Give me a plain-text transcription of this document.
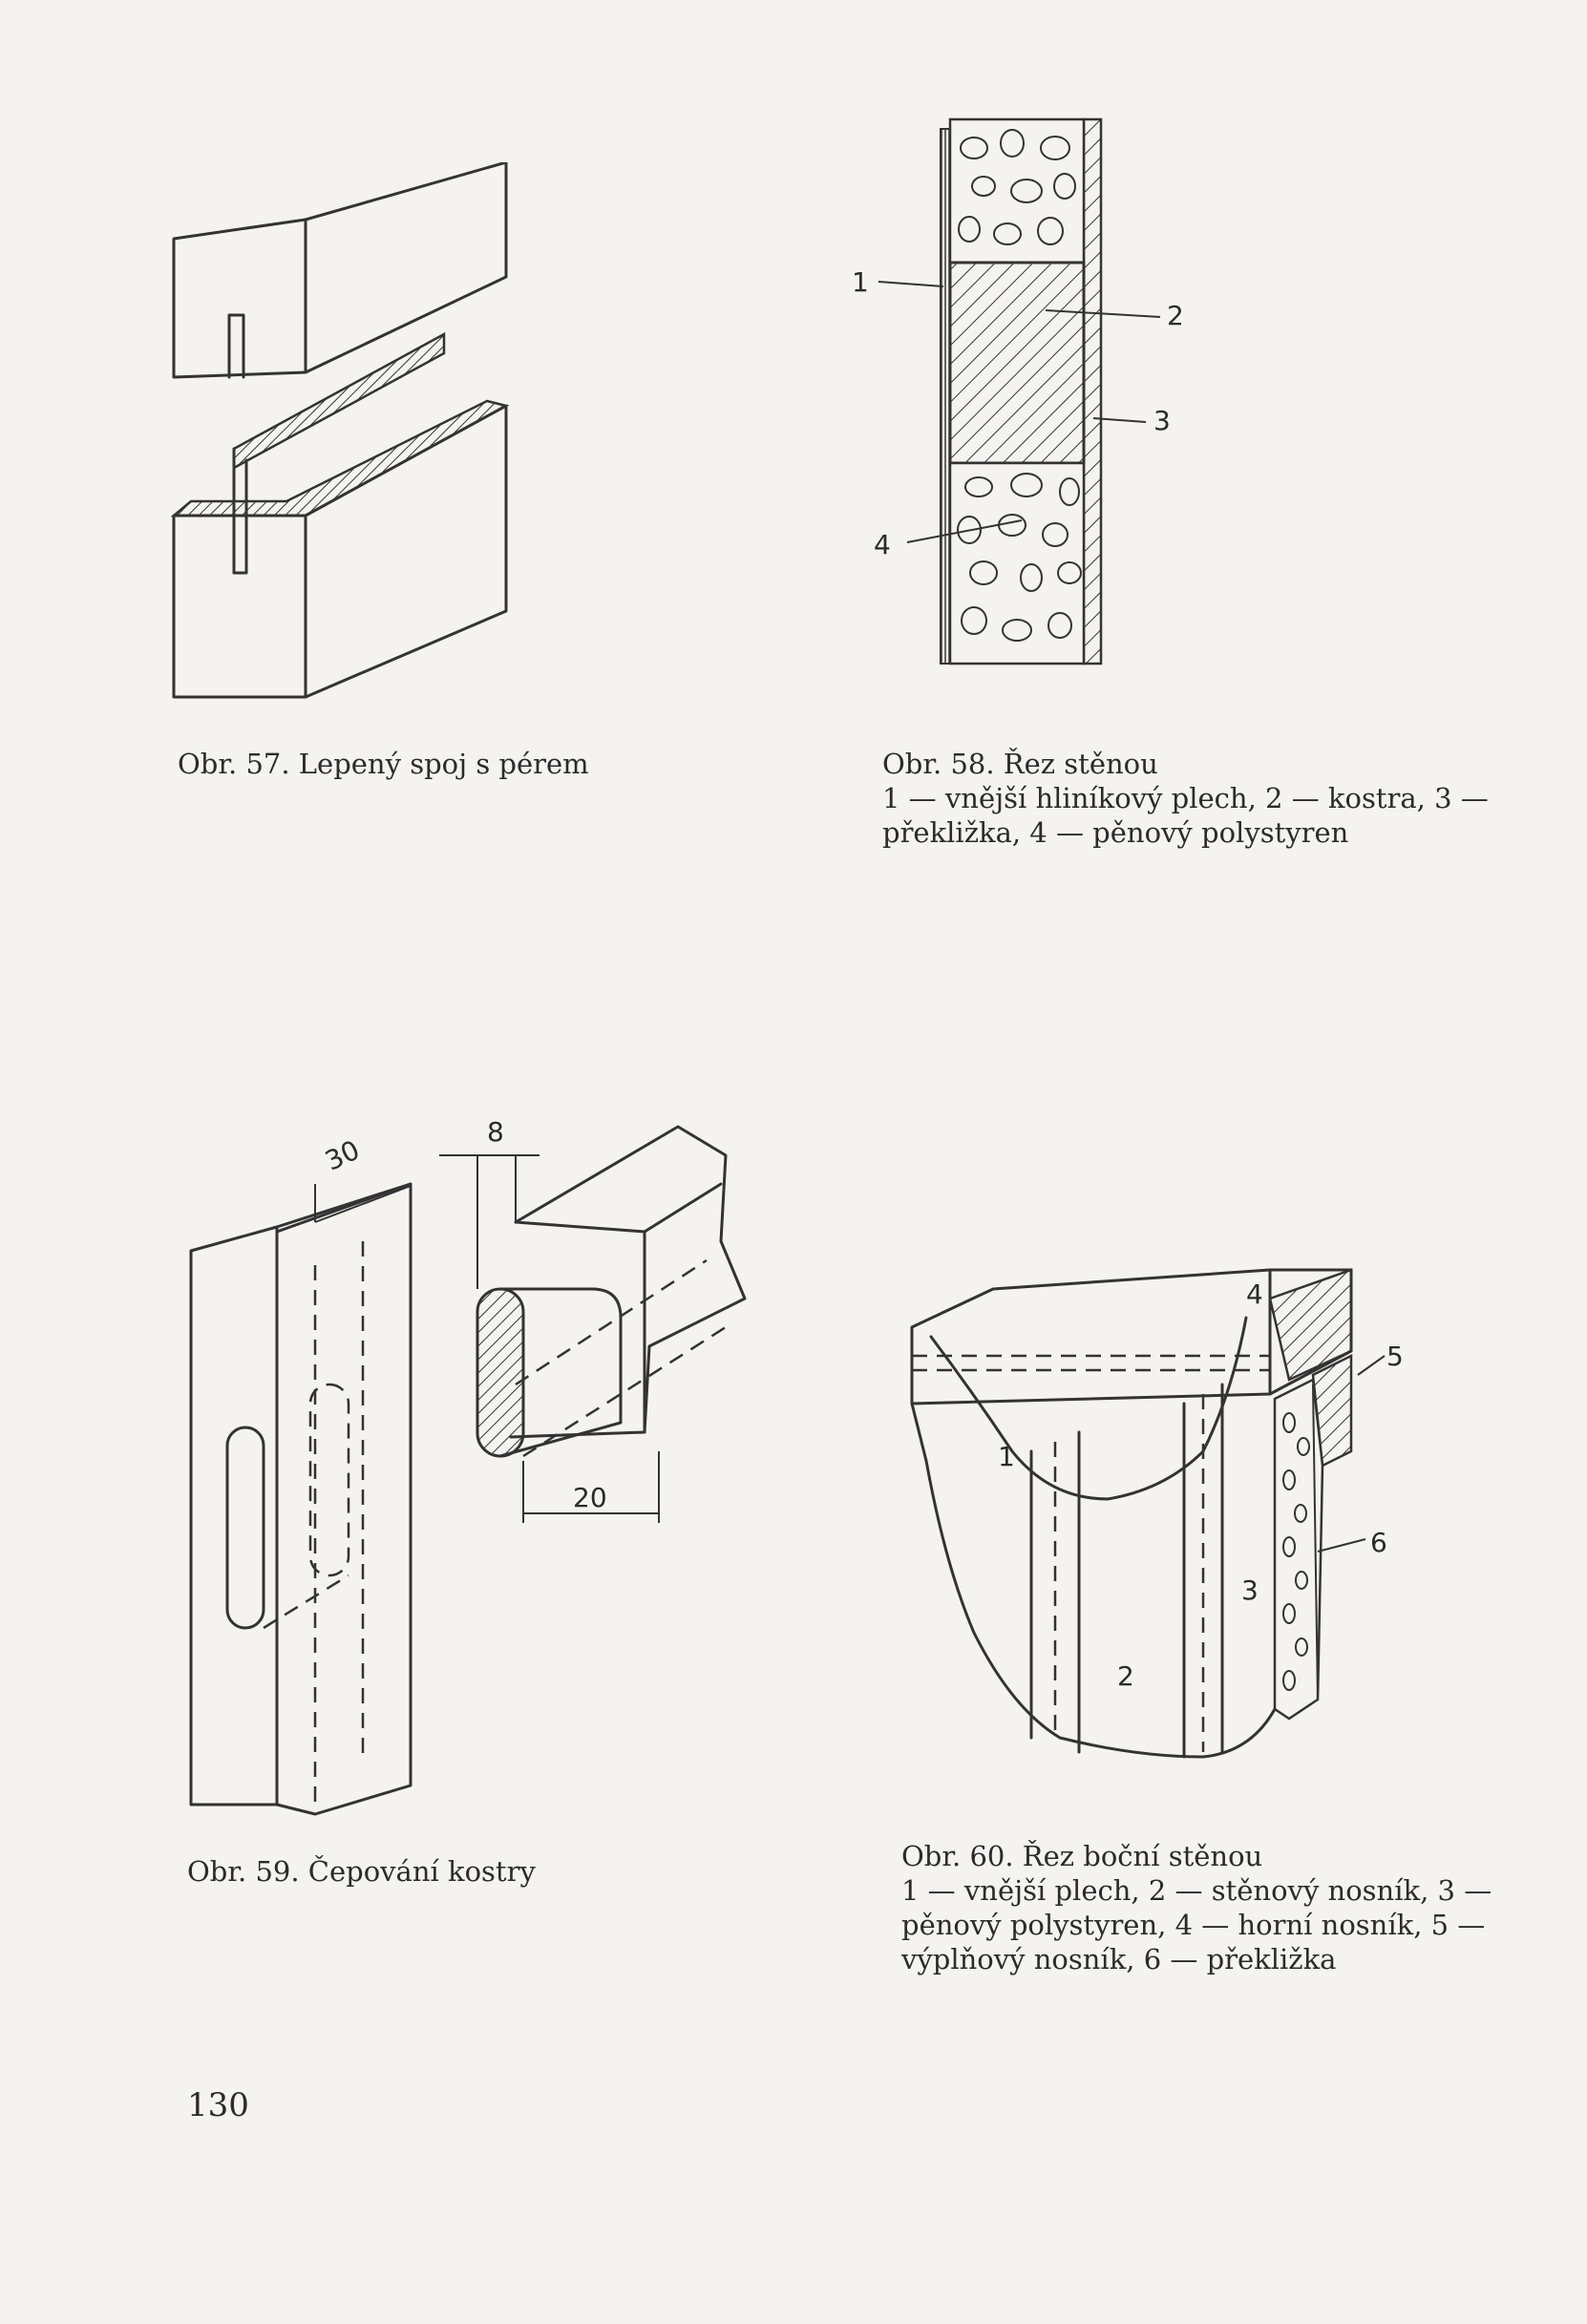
Obr. 57. Lepený spoj s pérem
1
2
3
4
Obr. 58. Řez stěnou
1 — vnější hliníkový plech, 2 — kostra, 3 — překližka, 4 — pěnový polystyren
30
8
20
Obr. 59. Čepování kostry
4
5
6
1
3
2
Obr. 60. Řez boční stěnou
1 — vnější plech, 2 — stěnový nosník, 3 — pěnový polystyren, 4 — horní nosník, 5 — výplňový nosník, 6 — překližka
130
